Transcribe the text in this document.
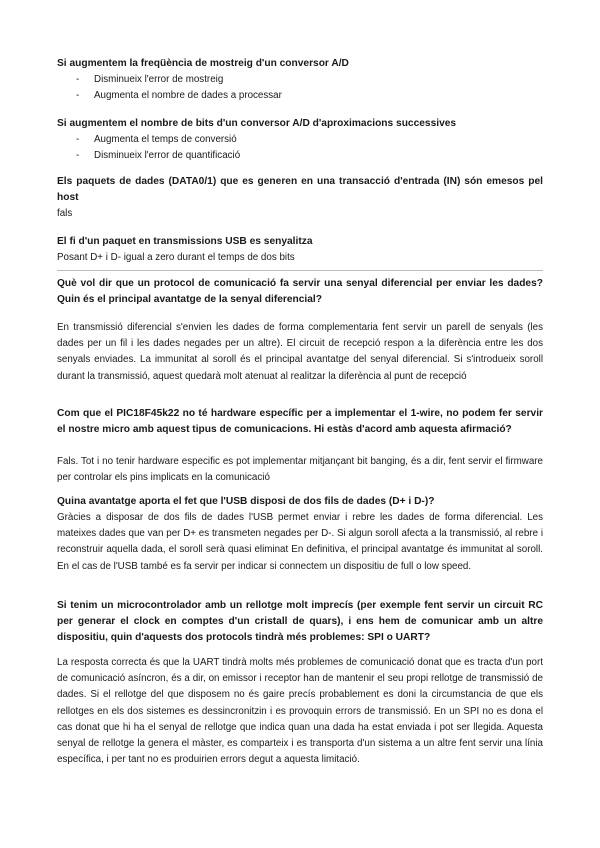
Si augmentem la freqüència de mostreig d'un conversor A/D
- Disminueix l'error de mostreig
- Augmenta el nombre de dades a processar
Si augmentem el nombre de bits d'un conversor A/D d'aproximacions successives
- Augmenta el temps de conversió
- Disminueix l'error de quantificació
Els paquets de dades (DATA0/1) que es generen en una transacció d'entrada (IN) són emesos pel host
fals
El fi d'un paquet en transmissions USB es senyalitza
Posant D+ i D- igual a zero durant el temps de dos bits
Què vol dir que un protocol de comunicació fa servir una senyal diferencial per enviar les dades? Quin és el principal avantatge de la senyal diferencial?
En transmissió diferencial s'envien les dades de forma complementaria fent servir un parell de senyals (les dades per un fil i les dades negades per un altre). El circuit de recepció respon a la diferència entre les dos senyals enviades. La immunitat al soroll és el principal avantatge del senyal diferencial. Si s'introdueix soroll durant la transmissió, aquest quedarà molt atenuat al realitzar la diferència al punt de recepció
Com que el PIC18F45k22 no té hardware específic per a implementar el 1-wire, no podem fer servir el nostre micro amb aquest tipus de comunicacions. Hi estàs d'acord amb aquesta afirmació?
Fals. Tot i no tenir hardware especific es pot implementar mitjançant bit banging, és a dir, fent servir el firmware per controlar els pins implicats en la comunicació
Quina avantatge aporta el fet que l'USB disposi de dos fils de dades (D+ i D-)?
Gràcies a disposar de dos fils de dades l'USB permet enviar i rebre les dades de forma diferencial. Les mateixes dades que van per D+ es transmeten negades per D-. Si algun soroll afecta a la transmissió, al rebre i reconstruir aquella dada, el soroll serà quasi eliminat En definitiva, el principal avantatge és immunitat al soroll. En el cas de l'USB també es fa servir per indicar si connectem un dispositiu de full o low speed.
Si tenim un microcontrolador amb un rellotge molt imprecís (per exemple fent servir un circuit RC per generar el clock en comptes d'un cristall de quars), i ens hem de comunicar amb un altre dispositiu, quin d'aquests dos protocols tindrà més problemes: SPI o UART?
La resposta correcta és que la UART tindrà molts més problemes de comunicació donat que es tracta d'un port de comunicació asíncron, és a dir, on emissor i receptor han de mantenir el seu propi rellotge de transmissió de dades. Si el rellotge del que disposem no és gaire precís probablement es doni la circumstancia de que els rellotges en els dos sistemes es dessincronitzin i es provoquin errors de transmissió. En un SPI no es dona el cas donat que hi ha el senyal de rellotge que indica quan una dada ha estat enviada i pot ser llegida. Aquesta senyal de rellotge la genera el màster, es comparteix i es transporta d'un sistema a un altre fent servir una línia específica, i per tant no es produirien errors degut a aquesta limitació.
